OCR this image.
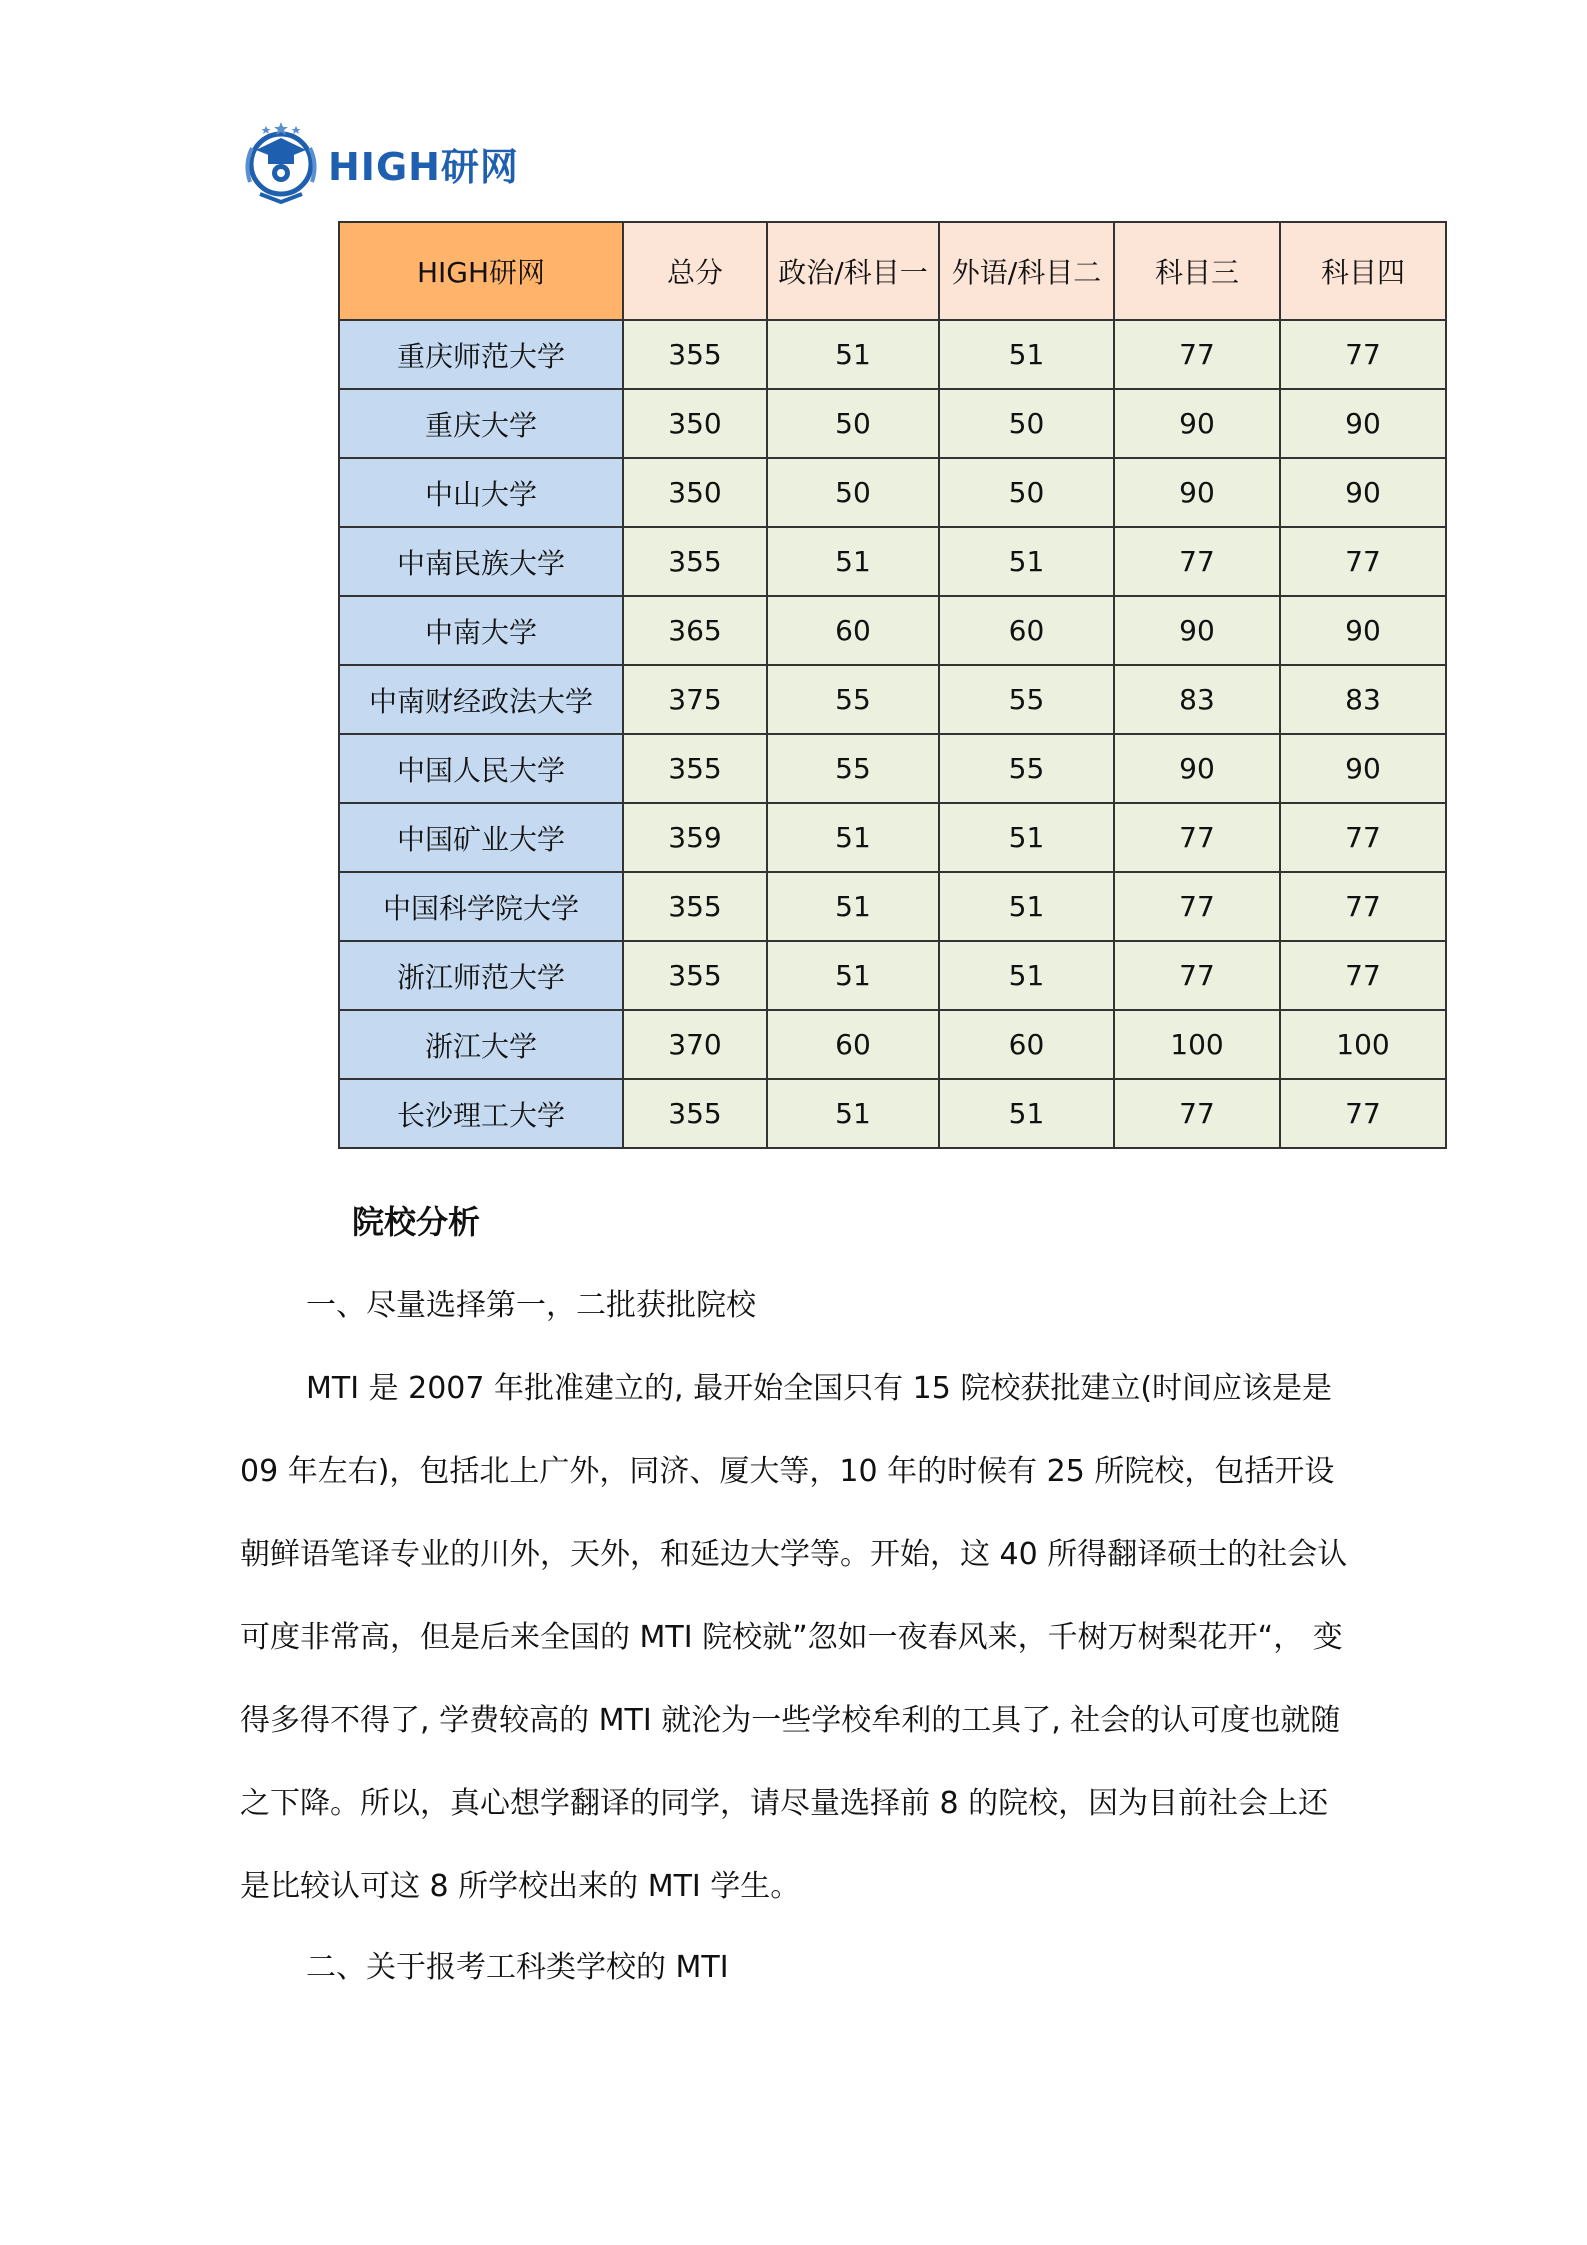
HIGH研网
HIGH研网	总分	政治/科目一	外语/科目二	科目三	科目四
重庆师范大学	355	51	51	77	77
重庆大学	350	50	50	90	90
中山大学	350	50	50	90	90
中南民族大学	355	51	51	77	77
中南大学	365	60	60	90	90
中南财经政法大学	375	55	55	83	83
中国人民大学	355	55	55	90	90
中国矿业大学	359	51	51	77	77
中国科学院大学	355	51	51	77	77
浙江师范大学	355	51	51	77	77
浙江大学	370	60	60	100	100
长沙理工大学	355	51	51	77	77
院校分析
一、尽量选择第一，二批获批院校
MTI 是 2007 年批准建立的, 最开始全国只有 15 院校获批建立(时间应该是是 09 年左右)，包括北上广外，同济、厦大等，10 年的时候有 25 所院校，包括开设朝鲜语笔译专业的川外，天外，和延边大学等。开始，这 40 所得翻译硕士的社会认可度非常高，但是后来全国的 MTI 院校就”忽如一夜春风来，千树万树梨花开“， 变得多得不得了, 学费较高的 MTI 就沦为一些学校牟利的工具了, 社会的认可度也就随之下降。所以，真心想学翻译的同学，请尽量选择前 8 的院校，因为目前社会上还是比较认可这 8 所学校出来的 MTI 学生。
二、关于报考工科类学校的 MTI
